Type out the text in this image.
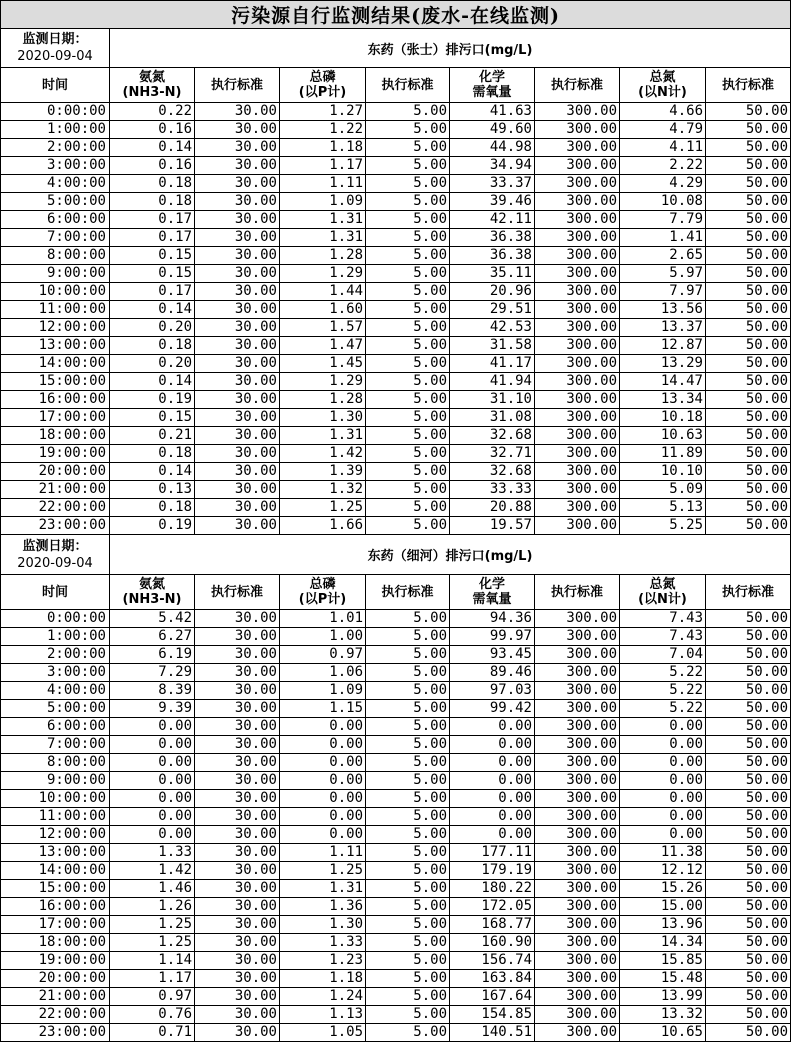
污染源自行监测结果(废水-在线监测)								

监测日期：
2020-09-04	东药（张士）排污口(mg/L)							

时间	氨氮
(NH3-N)	执行标准	总磷
(以P计)	执行标准	化学
需氧量	执行标准	总氮
(以N计)	执行标准

0:00:00	0.22	30.00	1.27	5.00	41.63	300.00	4.66	50.00
1:00:00	0.16	30.00	1.22	5.00	49.60	300.00	4.79	50.00
2:00:00	0.14	30.00	1.18	5.00	44.98	300.00	4.11	50.00
3:00:00	0.16	30.00	1.17	5.00	34.94	300.00	2.22	50.00
4:00:00	0.18	30.00	1.11	5.00	33.37	300.00	4.29	50.00
5:00:00	0.18	30.00	1.09	5.00	39.46	300.00	10.08	50.00
6:00:00	0.17	30.00	1.31	5.00	42.11	300.00	7.79	50.00
7:00:00	0.17	30.00	1.31	5.00	36.38	300.00	1.41	50.00
8:00:00	0.15	30.00	1.28	5.00	36.38	300.00	2.65	50.00
9:00:00	0.15	30.00	1.29	5.00	35.11	300.00	5.97	50.00
10:00:00	0.17	30.00	1.44	5.00	20.96	300.00	7.97	50.00
11:00:00	0.14	30.00	1.60	5.00	29.51	300.00	13.56	50.00
12:00:00	0.20	30.00	1.57	5.00	42.53	300.00	13.37	50.00
13:00:00	0.18	30.00	1.47	5.00	31.58	300.00	12.87	50.00
14:00:00	0.20	30.00	1.45	5.00	41.17	300.00	13.29	50.00
15:00:00	0.14	30.00	1.29	5.00	41.94	300.00	14.47	50.00
16:00:00	0.19	30.00	1.28	5.00	31.10	300.00	13.34	50.00
17:00:00	0.15	30.00	1.30	5.00	31.08	300.00	10.18	50.00
18:00:00	0.21	30.00	1.31	5.00	32.68	300.00	10.63	50.00
19:00:00	0.18	30.00	1.42	5.00	32.71	300.00	11.89	50.00
20:00:00	0.14	30.00	1.39	5.00	32.68	300.00	10.10	50.00
21:00:00	0.13	30.00	1.32	5.00	33.33	300.00	5.09	50.00
22:00:00	0.18	30.00	1.25	5.00	20.88	300.00	5.13	50.00
23:00:00	0.19	30.00	1.66	5.00	19.57	300.00	5.25	50.00

监测日期：
2020-09-04	东药（细河）排污口(mg/L)							

时间	氨氮
(NH3-N)	执行标准	总磷
(以P计)	执行标准	化学
需氧量	执行标准	总氮
(以N计)	执行标准

0:00:00	5.42	30.00	1.01	5.00	94.36	300.00	7.43	50.00
1:00:00	6.27	30.00	1.00	5.00	99.97	300.00	7.43	50.00
2:00:00	6.19	30.00	0.97	5.00	93.45	300.00	7.04	50.00
3:00:00	7.29	30.00	1.06	5.00	89.46	300.00	5.22	50.00
4:00:00	8.39	30.00	1.09	5.00	97.03	300.00	5.22	50.00
5:00:00	9.39	30.00	1.15	5.00	99.42	300.00	5.22	50.00
6:00:00	0.00	30.00	0.00	5.00	0.00	300.00	0.00	50.00
7:00:00	0.00	30.00	0.00	5.00	0.00	300.00	0.00	50.00
8:00:00	0.00	30.00	0.00	5.00	0.00	300.00	0.00	50.00
9:00:00	0.00	30.00	0.00	5.00	0.00	300.00	0.00	50.00
10:00:00	0.00	30.00	0.00	5.00	0.00	300.00	0.00	50.00
11:00:00	0.00	30.00	0.00	5.00	0.00	300.00	0.00	50.00
12:00:00	0.00	30.00	0.00	5.00	0.00	300.00	0.00	50.00
13:00:00	1.33	30.00	1.11	5.00	177.11	300.00	11.38	50.00
14:00:00	1.42	30.00	1.25	5.00	179.19	300.00	12.12	50.00
15:00:00	1.46	30.00	1.31	5.00	180.22	300.00	15.26	50.00
16:00:00	1.26	30.00	1.36	5.00	172.05	300.00	15.00	50.00
17:00:00	1.25	30.00	1.30	5.00	168.77	300.00	13.96	50.00
18:00:00	1.25	30.00	1.33	5.00	160.90	300.00	14.34	50.00
19:00:00	1.14	30.00	1.23	5.00	156.74	300.00	15.85	50.00
20:00:00	1.17	30.00	1.18	5.00	163.84	300.00	15.48	50.00
21:00:00	0.97	30.00	1.24	5.00	167.64	300.00	13.99	50.00
22:00:00	0.76	30.00	1.13	5.00	154.85	300.00	13.32	50.00
23:00:00	0.71	30.00	1.05	5.00	140.51	300.00	10.65	50.00
